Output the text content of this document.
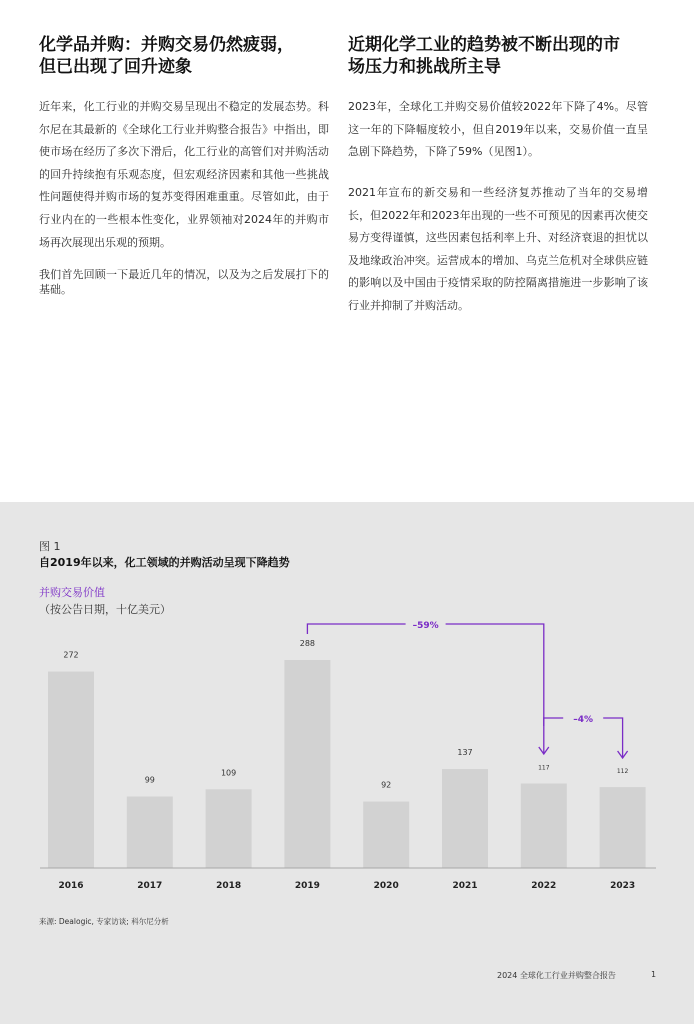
化学品并购：并购交易仍然疲弱，
但已出现了回升迹象

近年来，化工行业的并购交易呈现出不稳定的发展态势。科尔尼在其最新的《全球化工行业并购整合报告》中指出，即使市场在经历了多次下滑后，化工行业的高管们对并购活动的回升持续抱有乐观态度，但宏观经济因素和其他一些挑战性问题使得并购市场的复苏变得困难重重。尽管如此，由于行业内在的一些根本性变化，业界领袖对2024年的并购市场再次展现出乐观的预期。

我们首先回顾一下最近几年的情况，以及为之后发展打下的基础。

近期化学工业的趋势被不断出现的市
场压力和挑战所主导

2023年，全球化工并购交易价值较2022年下降了4%。尽管这一年的下降幅度较小，但自2019年以来，交易价值一直呈急剧下降趋势，下降了59%（见图1）。

2021年宣布的新交易和一些经济复苏推动了当年的交易增长，但2022年和2023年出现的一些不可预见的因素再次使交易方变得谨慎，这些因素包括利率上升、对经济衰退的担忧以及地缘政治冲突。运营成本的增加、乌克兰危机对全球供应链的影响以及中国由于疫情采取的防控隔离措施进一步影响了该行业并抑制了并购活动。

图 1
自2019年以来，化工领域的并购活动呈现下降趋势
并购交易价值
（按公告日期，十亿美元）
272
2016
99
2017
109
2018
288
2019
92
2020
137
2021
117
2022
112
2023
–59%
–4%
来源: Dealogic, 专家访谈; 科尔尼分析
2024 全球化工行业并购整合报告	1
